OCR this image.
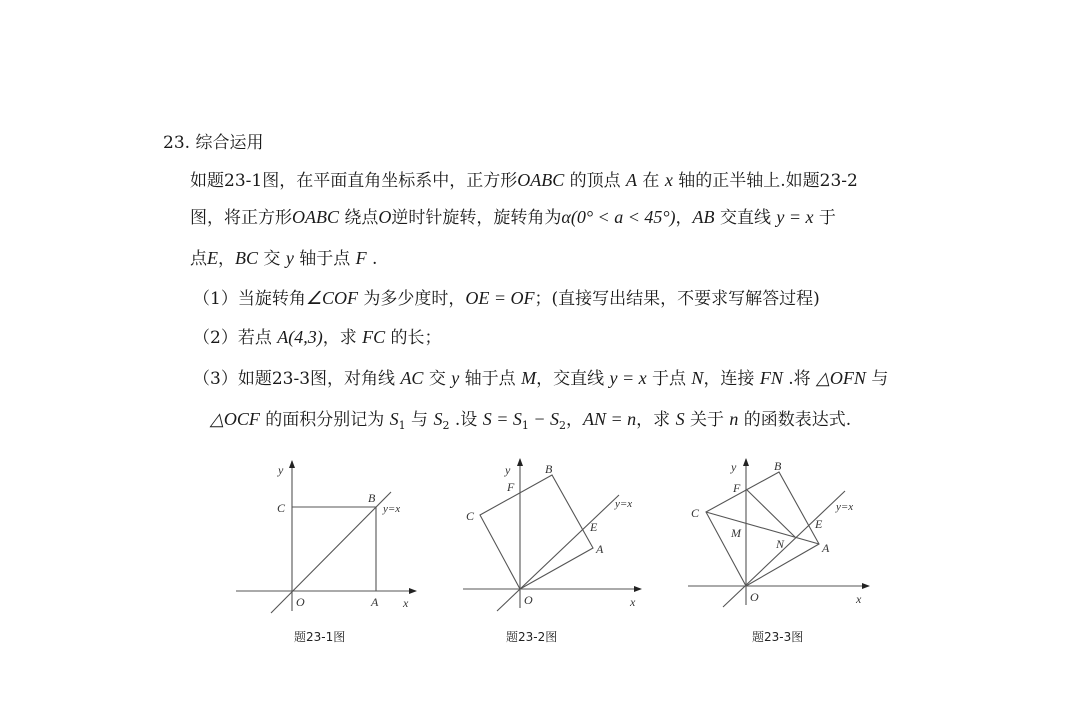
23. 综合运用
如题23-1图，在平面直角坐标系中，正方形OABC 的顶点 A 在 x 轴的正半轴上.如题23-2
图，将正方形OABC 绕点O逆时针旋转，旋转角为α(0° < a < 45°)，AB 交直线 y = x 于
点E，BC 交 y 轴于点 F .
（1）当旋转角∠COF 为多少度时，OE = OF；(直接写出结果，不要求写解答过程)
（2）若点 A(4,3)，求 FC 的长；
（3）如题23-3图，对角线 AC 交 y 轴于点 M，交直线 y = x 于点 N，连接 FN .将 △OFN 与
△OCF 的面积分别记为 $S_1$ 与 $S_2$ .设 $S = S_1 - S_2$，AN = n，求 S 关于 n 的函数表达式.
y
C
B
y=x
O	A x
y	B
F
C
y=x
E
A
O	x
y	B
F
C
M
N
y=x
E
A
O	x
题23-1图	题23-2图	题23-3图
